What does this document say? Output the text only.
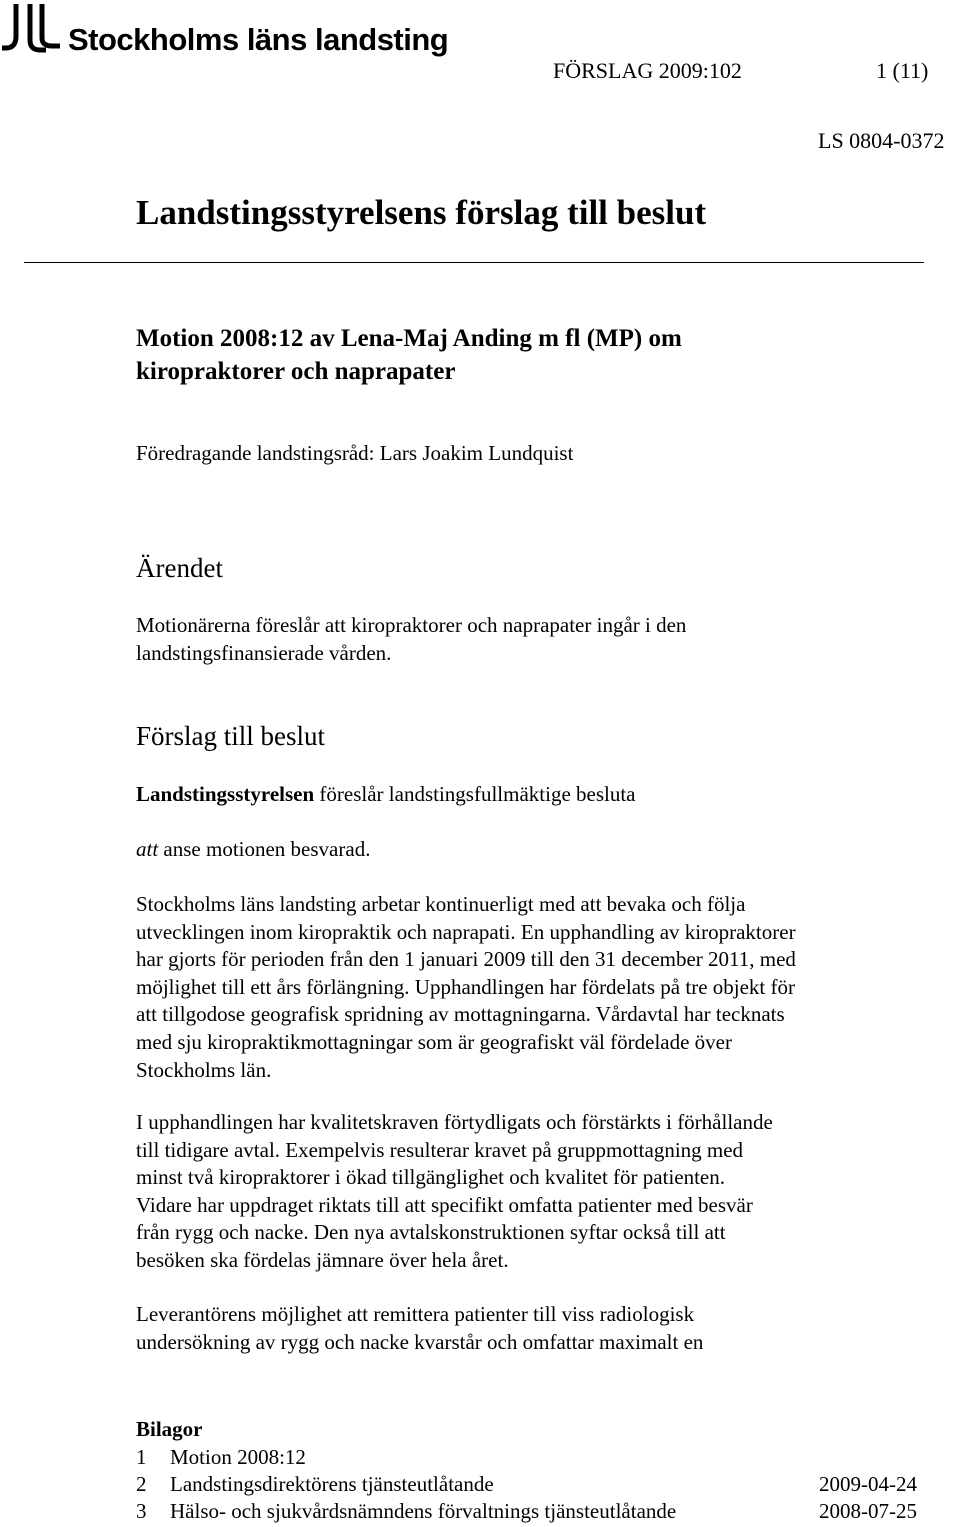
Stockholms läns landsting
FÖRSLAG 2009:102	1 (11)
LS 0804-0372
Landstingsstyrelsens förslag till beslut
Motion 2008:12 av Lena-Maj Anding m fl (MP) om
kiropraktorer och naprapater
Föredragande landstingsråd: Lars Joakim Lundquist
Ärendet

Motionärerna föreslår att kiropraktorer och naprapater ingår i den
landstingsfinansierade vården.

Förslag till beslut

Landstingsstyrelsen föreslår landstingsfullmäktige besluta

att anse motionen besvarad.

Stockholms läns landsting arbetar kontinuerligt med att bevaka och följa
utvecklingen inom kiropraktik och naprapati. En upphandling av kiropraktorer
har gjorts för perioden från den 1 januari 2009 till den 31 december 2011, med
möjlighet till ett års förlängning. Upphandlingen har fördelats på tre objekt för
att tillgodose geografisk spridning av mottagningarna. Vårdavtal har tecknats
med sju kiropraktikmottagningar som är geografiskt väl fördelade över
Stockholms län.

I upphandlingen har kvalitetskraven förtydligats och förstärkts i förhållande
till tidigare avtal. Exempelvis resulterar kravet på gruppmottagning med
minst två kiropraktorer i ökad tillgänglighet och kvalitet för patienten.
Vidare har uppdraget riktats till att specifikt omfatta patienter med besvär
från rygg och nacke. Den nya avtalskonstruktionen syftar också till att
besöken ska fördelas jämnare över hela året.

Leverantörens möjlighet att remittera patienter till viss radiologisk
undersökning av rygg och nacke kvarstår och omfattar maximalt en

Bilagor
1 Motion 2008:12
2 Landstingsdirektörens tjänsteutlåtande	2009-04-24
3 Hälso- och sjukvårdsnämndens förvaltnings tjänsteutlåtande	2008-07-25
